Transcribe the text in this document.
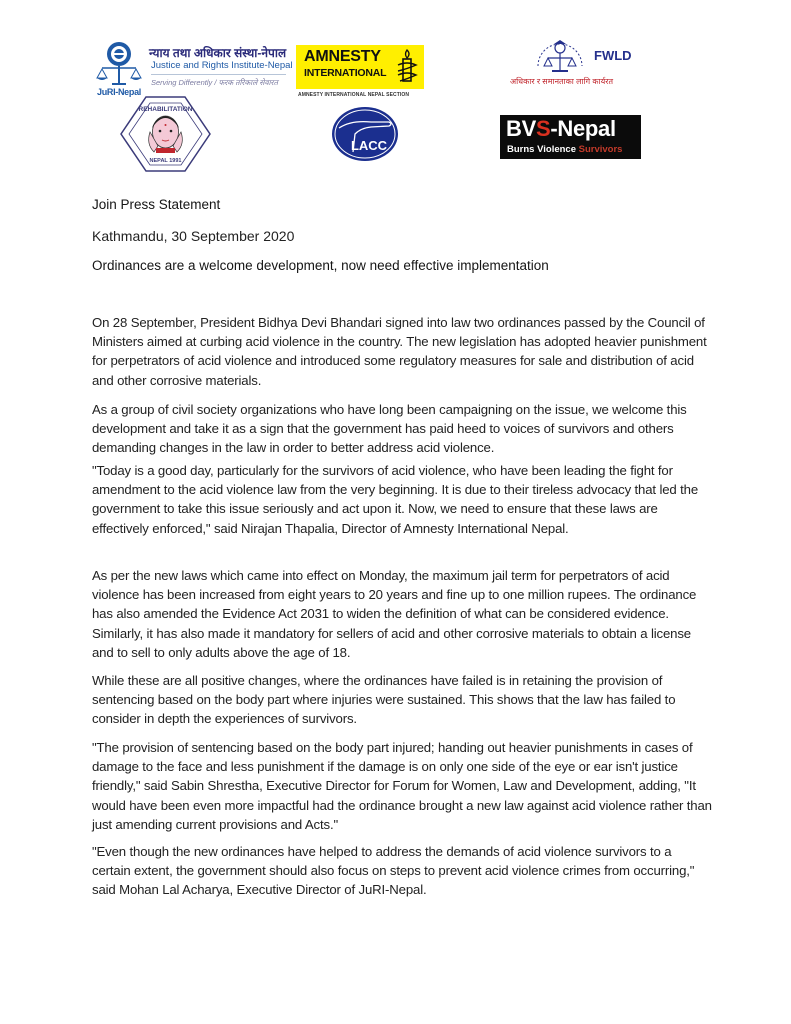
JuRI-Nepal
न्याय तथा अधिकार संस्था-नेपाल
Justice and Rights Institute-Nepal
Serving Differently / फरक तरिकाले सेवारत
AMNESTY
INTERNATIONAL
AMNESTY INTERNATIONAL NEPAL SECTION
FWLD
अधिकार र समानताका लागि कार्यरत
REHABILITATION
NEPAL 1991
LACC
BVS-Nepal
Burns Violence Survivors
Join Press Statement
Kathmandu, 30 September 2020
Ordinances are a welcome development, now need effective implementation

On 28 September, President Bidhya Devi Bhandari signed into law two ordinances passed by the Council of Ministers aimed at curbing acid violence in the country. The new legislation has adopted heavier punishment for perpetrators of acid violence and introduced some regulatory measures for sale and distribution of acid and other corrosive materials.

As a group of civil society organizations who have long been campaigning on the issue, we welcome this development and take it as a sign that the government has paid heed to voices of survivors and others demanding changes in the law in order to better address acid violence.

"Today is a good day, particularly for the survivors of acid violence, who have been leading the fight for amendment to the acid violence law from the very beginning. It is due to their tireless advocacy that led the government to take this issue seriously and act upon it. Now, we need to ensure that these laws are effectively enforced," said Nirajan Thapalia, Director of Amnesty International Nepal.

As per the new laws which came into effect on Monday, the maximum jail term for perpetrators of acid violence has been increased from eight years to 20 years and fine up to one million rupees. The ordinance has also amended the Evidence Act 2031 to widen the definition of what can be considered evidence. Similarly, it has also made it mandatory for sellers of acid and other corrosive materials to obtain a license and to sell to only adults above the age of 18.

While these are all positive changes, where the ordinances have failed is in retaining the provision of sentencing based on the body part where injuries were sustained. This shows that the law has failed to consider in depth the experiences of survivors.

"The provision of sentencing based on the body part injured; handing out heavier punishments in cases of damage to the face and less punishment if the damage is on only one side of the eye or ear isn't justice friendly," said Sabin Shrestha, Executive Director for Forum for Women, Law and Development, adding, "It would have been even more impactful had the ordinance brought a new law against acid violence rather than just amending current provisions and Acts."

"Even though the new ordinances have helped to address the demands of acid violence survivors to a certain extent, the government should also focus on steps to prevent acid violence crimes from occurring," said Mohan Lal Acharya, Executive Director of JuRI-Nepal.
